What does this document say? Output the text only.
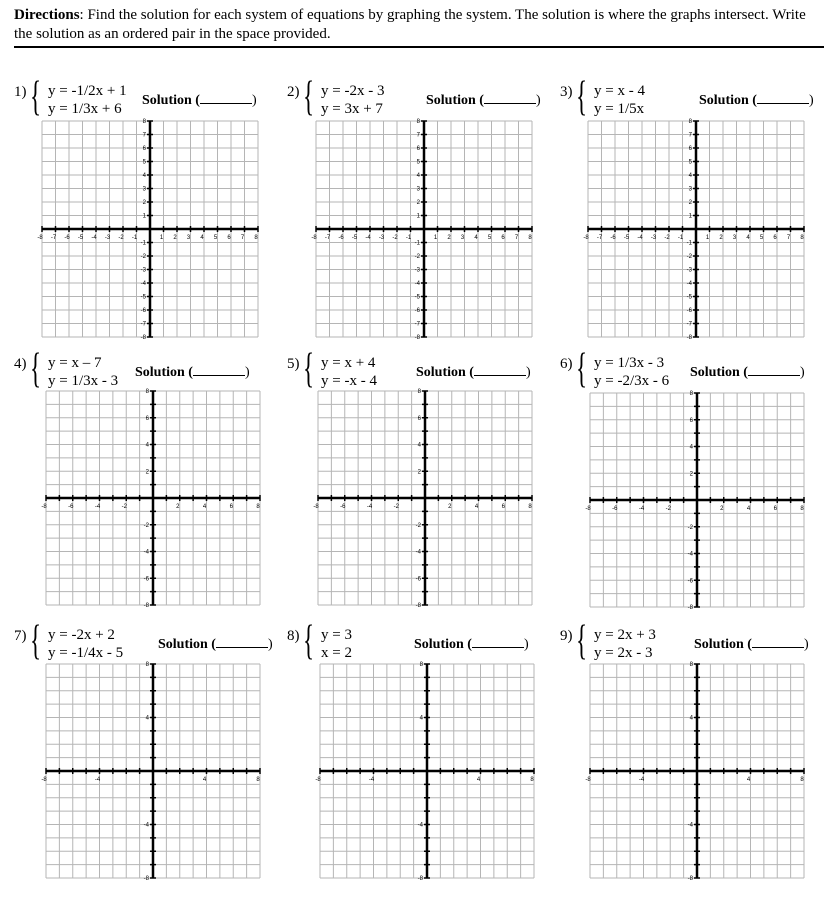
Directions: Find the solution for each system of equations by graphing the system. The solution is where the graphs intersect. Write the solution as an ordered pair in the space provided.
1) { y = -1/2x + 1
y = 1/3x + 6
Solution (	)
-8 -7 -6 -5 -4 -3 -2 -1	1 2 3 4 5 6 7 8
8
7
6
5
4
3
2
1
-1
-2
-3
-4
-5
-6
-7
-8
2) { y = -2x - 3
y = 3x + 7
Solution (	)
-8 -7 -6 -5 -4 -3 -2 -1	1 2 3 4 5 6 7 8
8
7
6
5
4
3
2
1
-1
-2
-3
-4
-5
-6
-7
-8
3) { y = x - 4
y = 1/5x
Solution (	)
-8 -7 -6 -5 -4 -3 -2 -1	1 2 3 4 5 6 7 8
8
7
6
5
4
3
2
1
-1
-2
-3
-4
-5
-6
-7
-8
4) { y = x – 7
y = 1/3x - 3
Solution (	)
-8	-6	-4	-2	2	4	6	8
8
6
4
2
-2
-4
-6
-8
5) { y = x + 4
y = -x - 4
Solution (	)
-8	-6	-4	-2	2	4	6	8
8
6
4
2
-2
-4
-6
-8
6) { y = 1/3x - 3
y = -2/3x - 6
Solution (	)
-8	-6	-4	-2	2	4	6	8
8
6
4
2
-2
-4
-6
-8
7) { y = -2x + 2
y = -1/4x - 5
Solution (	)
-8	-4	4	8
8
4
-4
-8
8) { y = 3
x = 2
Solution (	)
-8	-4	4	8
8
4
-4
-8
9) { y = 2x + 3
y = 2x - 3
Solution (	)
-8	-4	4	8
8
4
-4
-8
